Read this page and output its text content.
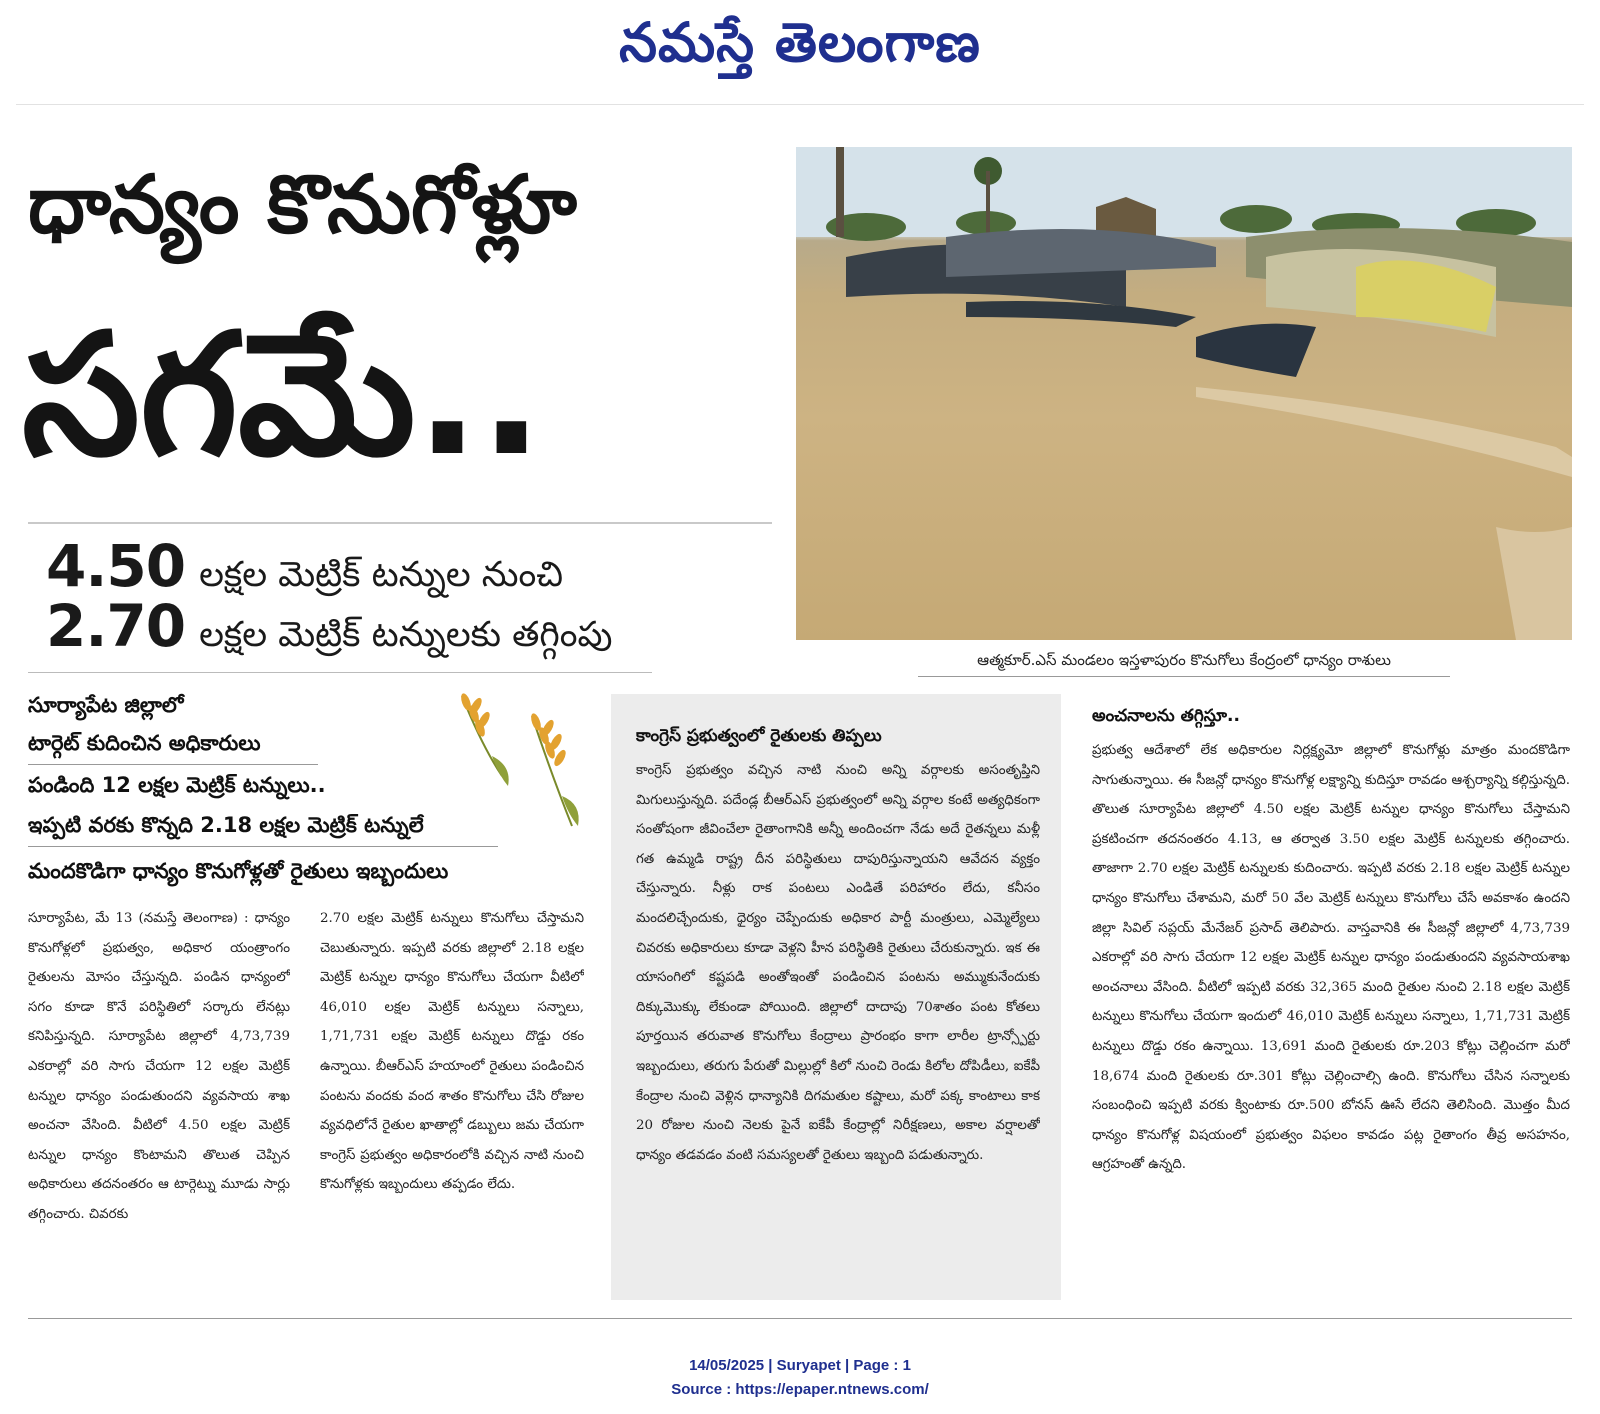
నమస్తే తెలంగాణ
ధాన్యం కొనుగోళ్లూ
సగమే..
4.50 లక్షల మెట్రిక్ టన్నుల నుంచి
2.70 లక్షల మెట్రిక్ టన్నులకు తగ్గింపు
ఆత్మకూర్.ఎస్ మండలం ఇస్తళాపురం కొనుగోలు కేంద్రంలో ధాన్యం రాశులు
సూర్యాపేట జిల్లాలో
టార్గెట్ కుదించిన అధికారులు
పండింది 12 లక్షల మెట్రిక్ టన్నులు..
ఇప్పటి వరకు కొన్నది 2.18 లక్షల మెట్రిక్ టన్నులే
మందకొడిగా ధాన్యం కొనుగోళ్లతో రైతులు ఇబ్బందులు
సూర్యాపేట, మే 13 (నమస్తే తెలంగాణ) : ధాన్యం కొనుగోళ్లలో ప్రభుత్వం, అధికార యంత్రాంగం రైతులను మోసం చేస్తున్నది. పండిన ధాన్యంలో సగం కూడా కొనే పరిస్థితిలో సర్కారు లేనట్లు కనిపిస్తున్నది. సూర్యాపేట జిల్లాలో 4,73,739 ఎకరాల్లో వరి సాగు చేయగా 12 లక్షల మెట్రిక్ టన్నుల ధాన్యం పండుతుందని వ్యవసాయ శాఖ అంచనా వేసింది. వీటిలో 4.50 లక్షల మెట్రిక్ టన్నుల ధాన్యం కొంటామని తొలుత చెప్పిన అధికారులు తదనంతరం ఆ టార్గెట్ను మూడు సార్లు తగ్గించారు. చివరకు
2.70 లక్షల మెట్రిక్ టన్నులు కొనుగోలు చేస్తామని చెబుతున్నారు. ఇప్పటి వరకు జిల్లాలో 2.18 లక్షల మెట్రిక్ టన్నుల ధాన్యం కొనుగోలు చేయగా వీటిలో 46,010 లక్షల మెట్రిక్ టన్నులు సన్నాలు, 1,71,731 లక్షల మెట్రిక్ టన్నులు దొడ్డు రకం ఉన్నాయి. బీఆర్ఎస్ హయాంలో రైతులు పండించిన పంటను వందకు వంద శాతం కొనుగోలు చేసి రోజుల వ్యవధిలోనే రైతుల ఖాతాల్లో డబ్బులు జమ చేయగా కాంగ్రెస్ ప్రభుత్వం అధికారంలోకి వచ్చిన నాటి నుంచి కొనుగోళ్లకు ఇబ్బందులు తప్పడం లేదు.
కాంగ్రెస్ ప్రభుత్వంలో రైతులకు తిప్పలు
కాంగ్రెస్ ప్రభుత్వం వచ్చిన నాటి నుంచి అన్ని వర్గాలకు అసంతృప్తిని మిగులుస్తున్నది. పదేండ్ల బీఆర్ఎస్ ప్రభుత్వంలో అన్ని వర్గాల కంటే అత్యధికంగా సంతోషంగా జీవించేలా రైతాంగానికి అన్నీ అందించగా నేడు అదే రైతన్నలు మళ్లీ గత ఉమ్మడి రాష్ట్ర దీన పరిస్థితులు దాపురిస్తున్నాయని ఆవేదన వ్యక్తం చేస్తున్నారు. నీళ్లు రాక పంటలు ఎండితే పరిహారం లేదు, కనీసం మందలిచ్చేందుకు, ధైర్యం చెప్పేందుకు అధికార పార్టీ మంత్రులు, ఎమ్మెల్యేలు చివరకు అధికారులు కూడా వెళ్లని హీన పరిస్థితికి రైతులు చేరుకున్నారు. ఇక ఈ యాసంగిలో కష్టపడి అంతోఇంతో పండించిన పంటను అమ్ముకునేందుకు దిక్కుమొక్కు లేకుండా పోయింది. జిల్లాలో దాదాపు 70శాతం పంట కోతలు పూర్తయిన తరువాత కొనుగోలు కేంద్రాలు ప్రారంభం కాగా లారీల ట్రాన్స్పోర్టు ఇబ్బందులు, తరుగు పేరుతో మిల్లుల్లో కిలో నుంచి రెండు కిలోల దోపిడీలు, ఐకేపీ కేంద్రాల నుంచి వెళ్లిన ధాన్యానికి దిగమతుల కష్టాలు, మరో పక్క కాంటాలు కాక 20 రోజుల నుంచి నెలకు పైనే ఐకేపీ కేంద్రాల్లో నిరీక్షణలు, అకాల వర్షాలతో ధాన్యం తడవడం వంటి సమస్యలతో రైతులు ఇబ్బంది పడుతున్నారు.
అంచనాలను తగ్గిస్తూ..
ప్రభుత్వ ఆదేశాలో లేక అధికారుల నిర్లక్ష్యమో జిల్లాలో కొనుగోళ్లు మాత్రం మందకొడిగా సాగుతున్నాయి. ఈ సీజన్లో ధాన్యం కొనుగోళ్ల లక్ష్యాన్ని కుదిస్తూ రావడం ఆశ్చర్యాన్ని కల్గిస్తున్నది. తొలుత సూర్యాపేట జిల్లాలో 4.50 లక్షల మెట్రిక్ టన్నుల ధాన్యం కొనుగోలు చేస్తామని ప్రకటించగా తదనంతరం 4.13, ఆ తర్వాత 3.50 లక్షల మెట్రిక్ టన్నులకు తగ్గించారు. తాజాగా 2.70 లక్షల మెట్రిక్ టన్నులకు కుదించారు. ఇప్పటి వరకు 2.18 లక్షల మెట్రిక్ టన్నుల ధాన్యం కొనుగోలు చేశామని, మరో 50 వేల మెట్రిక్ టన్నులు కొనుగోలు చేసే అవకాశం ఉందని జిల్లా సివిల్ సప్లయ్ మేనేజర్ ప్రసాద్ తెలిపారు. వాస్తవానికి ఈ సీజన్లో జిల్లాలో 4,73,739 ఎకరాల్లో వరి సాగు చేయగా 12 లక్షల మెట్రిక్ టన్నుల ధాన్యం పండుతుందని వ్యవసాయశాఖ అంచనాలు వేసింది. వీటిలో ఇప్పటి వరకు 32,365 మంది రైతుల నుంచి 2.18 లక్షల మెట్రిక్ టన్నులు కొనుగోలు చేయగా ఇందులో 46,010 మెట్రిక్ టన్నులు సన్నాలు, 1,71,731 మెట్రిక్ టన్నులు దొడ్డు రకం ఉన్నాయి. 13,691 మంది రైతులకు రూ.203 కోట్లు చెల్లించగా మరో 18,674 మంది రైతులకు రూ.301 కోట్లు చెల్లించాల్సి ఉంది. కొనుగోలు చేసిన సన్నాలకు సంబంధించి ఇప్పటి వరకు క్వింటాకు రూ.500 బోనస్ ఊసే లేదని తెలిసింది. మొత్తం మీద ధాన్యం కొనుగోళ్ల విషయంలో ప్రభుత్వం విఫలం కావడం పట్ల రైతాంగం తీవ్ర అసహనం, ఆగ్రహంతో ఉన్నది.
14/05/2025 | Suryapet | Page : 1
Source : https://epaper.ntnews.com/
